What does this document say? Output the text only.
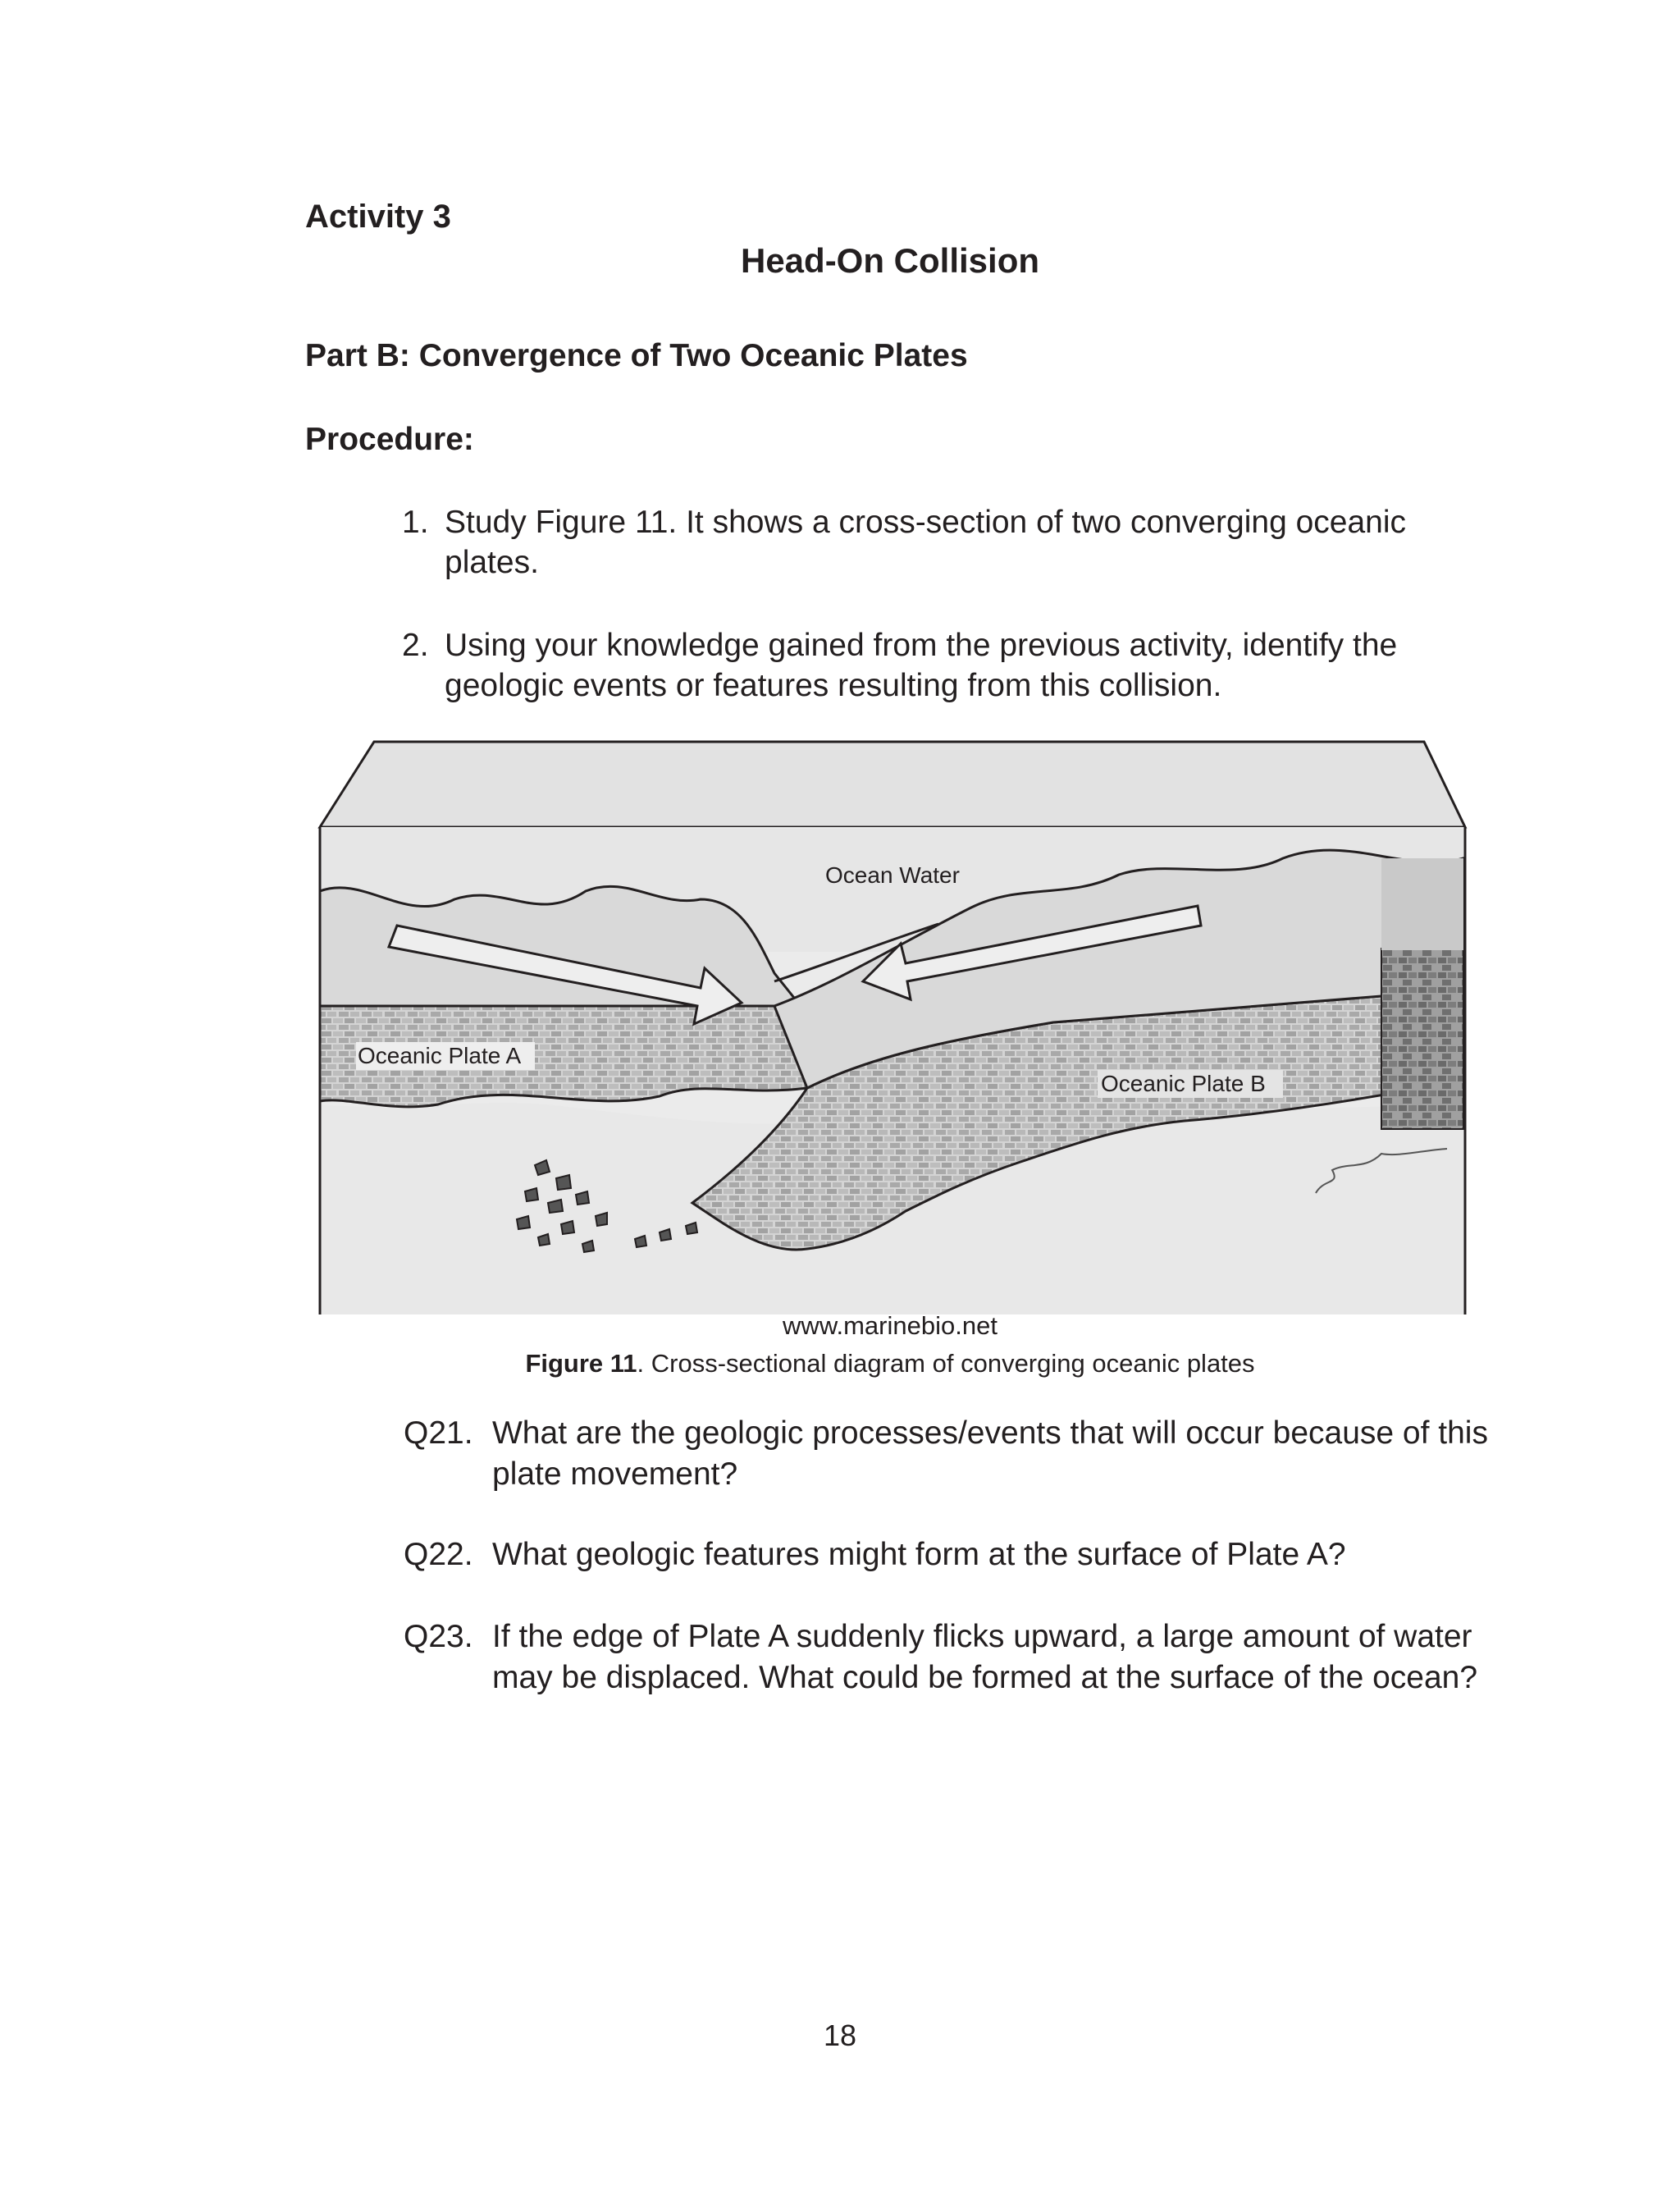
Activity 3
Head-On Collision
Part B: Convergence of Two Oceanic Plates
Procedure:
1. Study Figure 11. It shows a cross-section of two converging oceanic plates.
2. Using your knowledge gained from the previous activity, identify the geologic events or features resulting from this collision.
Ocean Water
Oceanic Plate A
Oceanic Plate B
www.marinebio.net
Figure 11. Cross-sectional diagram of converging oceanic plates
Q21. What are the geologic processes/events that will occur because of this plate movement?
Q22. What geologic features might form at the surface of Plate A?
Q23. If the edge of Plate A suddenly flicks upward, a large amount of water may be displaced. What could be formed at the surface of the ocean?
18
